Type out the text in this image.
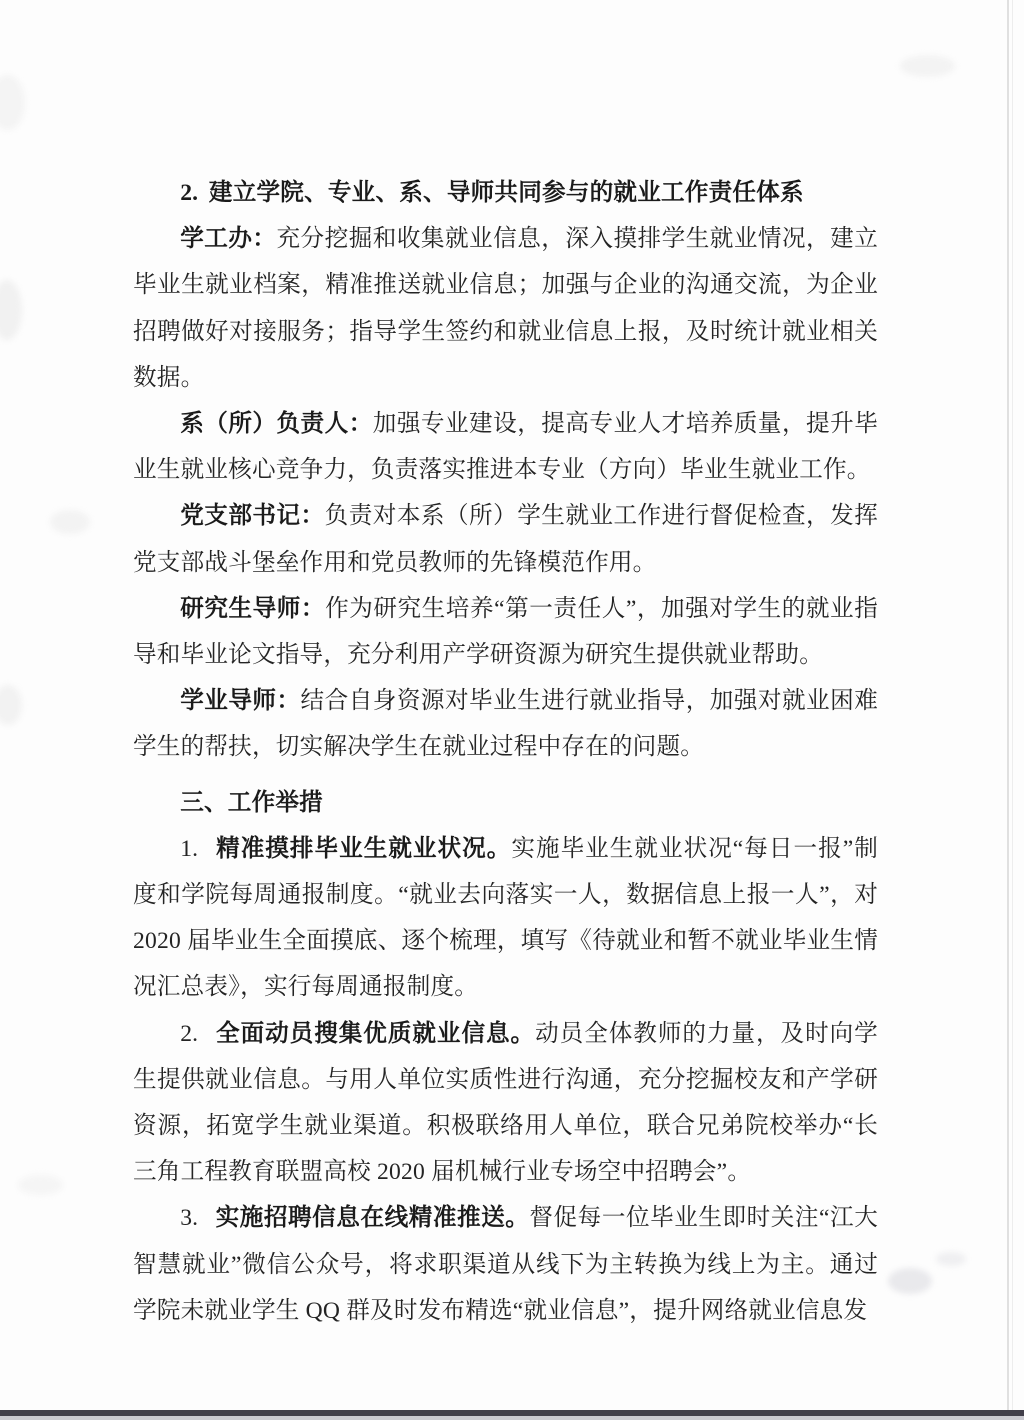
2. 建立学院、专业、系、导师共同参与的就业工作责任体系

学工办：充分挖掘和收集就业信息，深入摸排学生就业情况，建立毕业生就业档案，精准推送就业信息；加强与企业的沟通交流，为企业招聘做好对接服务；指导学生签约和就业信息上报，及时统计就业相关数据。

系（所）负责人：加强专业建设，提高专业人才培养质量，提升毕业生就业核心竞争力，负责落实推进本专业（方向）毕业生就业工作。

党支部书记：负责对本系（所）学生就业工作进行督促检查，发挥党支部战斗堡垒作用和党员教师的先锋模范作用。

研究生导师：作为研究生培养“第一责任人”，加强对学生的就业指导和毕业论文指导，充分利用产学研资源为研究生提供就业帮助。

学业导师：结合自身资源对毕业生进行就业指导，加强对就业困难学生的帮扶，切实解决学生在就业过程中存在的问题。

三、工作举措

1. 精准摸排毕业生就业状况。实施毕业生就业状况“每日一报”制度和学院每周通报制度。“就业去向落实一人，数据信息上报一人”，对 2020 届毕业生全面摸底、逐个梳理，填写《待就业和暂不就业毕业生情况汇总表》，实行每周通报制度。

2. 全面动员搜集优质就业信息。动员全体教师的力量，及时向学生提供就业信息。与用人单位实质性进行沟通，充分挖掘校友和产学研资源，拓宽学生就业渠道。积极联络用人单位，联合兄弟院校举办“长三角工程教育联盟高校 2020 届机械行业专场空中招聘会”。

3. 实施招聘信息在线精准推送。督促每一位毕业生即时关注“江大智慧就业”微信公众号，将求职渠道从线下为主转换为线上为主。通过学院未就业学生 QQ 群及时发布精选“就业信息”，提升网络就业信息发
